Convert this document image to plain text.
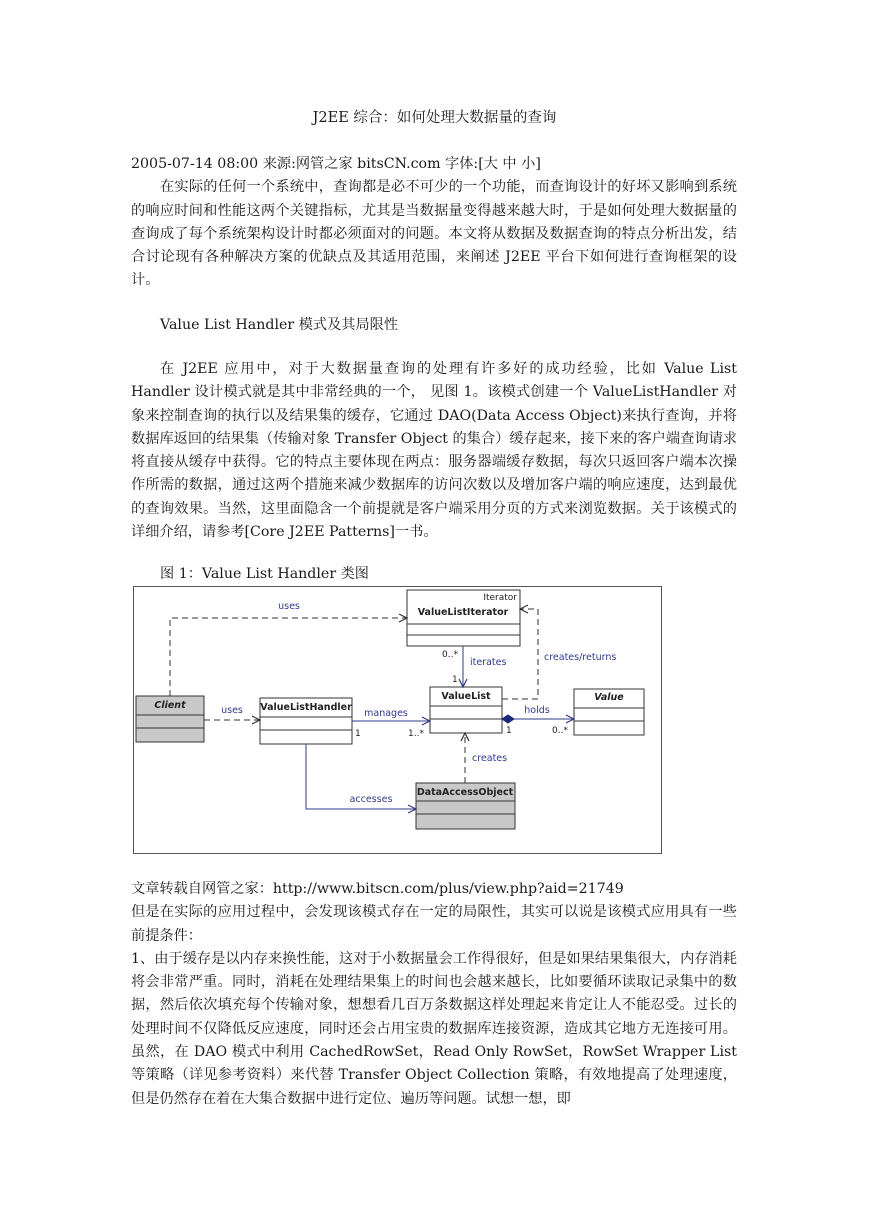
J2EE 综合：如何处理大数据量的查询
2005-07-14 08:00 来源:网管之家 bitsCN.com 字体:[大 中 小]
在实际的任何一个系统中，查询都是必不可少的一个功能，而查询设计的好坏又影响到系统的响应时间和性能这两个关键指标，尤其是当数据量变得越来越大时，于是如何处理大数据量的查询成了每个系统架构设计时都必须面对的问题。本文将从数据及数据查询的特点分析出发，结合讨论现有各种解决方案的优缺点及其适用范围，来阐述 J2EE 平台下如何进行查询框架的设计。
Value List Handler 模式及其局限性
在 J2EE 应用中，对于大数据量查询的处理有许多好的成功经验，比如 Value List Handler 设计模式就是其中非常经典的一个， 见图 1。该模式创建一个 ValueListHandler 对象来控制查询的执行以及结果集的缓存，它通过 DAO(Data Access Object)来执行查询，并将数据库返回的结果集（传输对象 Transfer Object 的集合）缓存起来，接下来的客户端查询请求将直接从缓存中获得。它的特点主要体现在两点：服务器端缓存数据，每次只返回客户端本次操作所需的数据，通过这两个措施来减少数据库的访问次数以及增加客户端的响应速度，达到最优的查询效果。当然，这里面隐含一个前提就是客户端采用分页的方式来浏览数据。关于该模式的详细介绍，请参考[Core J2EE Patterns]一书。
图 1：Value List Handler 类图
Iterator
ValueListIterator
Client	ValueListHandler
ValueList	Value
DataAccessObject
uses
uses
iterates
0..*
1
creates/returns
manages
1	1..*
holds
1	0..*
creates
accesses
文章转载自网管之家：http://www.bitscn.com/plus/view.php?aid=21749
但是在实际的应用过程中，会发现该模式存在一定的局限性，其实可以说是该模式应用具有一些前提条件：
1、由于缓存是以内存来换性能，这对于小数据量会工作得很好，但是如果结果集很大，内存消耗将会非常严重。同时，消耗在处理结果集上的时间也会越来越长，比如要循环读取记录集中的数据，然后依次填充每个传输对象，想想看几百万条数据这样处理起来肯定让人不能忍受。过长的处理时间不仅降低反应速度，同时还会占用宝贵的数据库连接资源，造成其它地方无连接可用。虽然，在 DAO 模式中利用 CachedRowSet，Read Only RowSet，RowSet Wrapper List 等策略（详见参考资料）来代替 Transfer Object Collection 策略，有效地提高了处理速度，但是仍然存在着在大集合数据中进行定位、遍历等问题。试想一想，即
